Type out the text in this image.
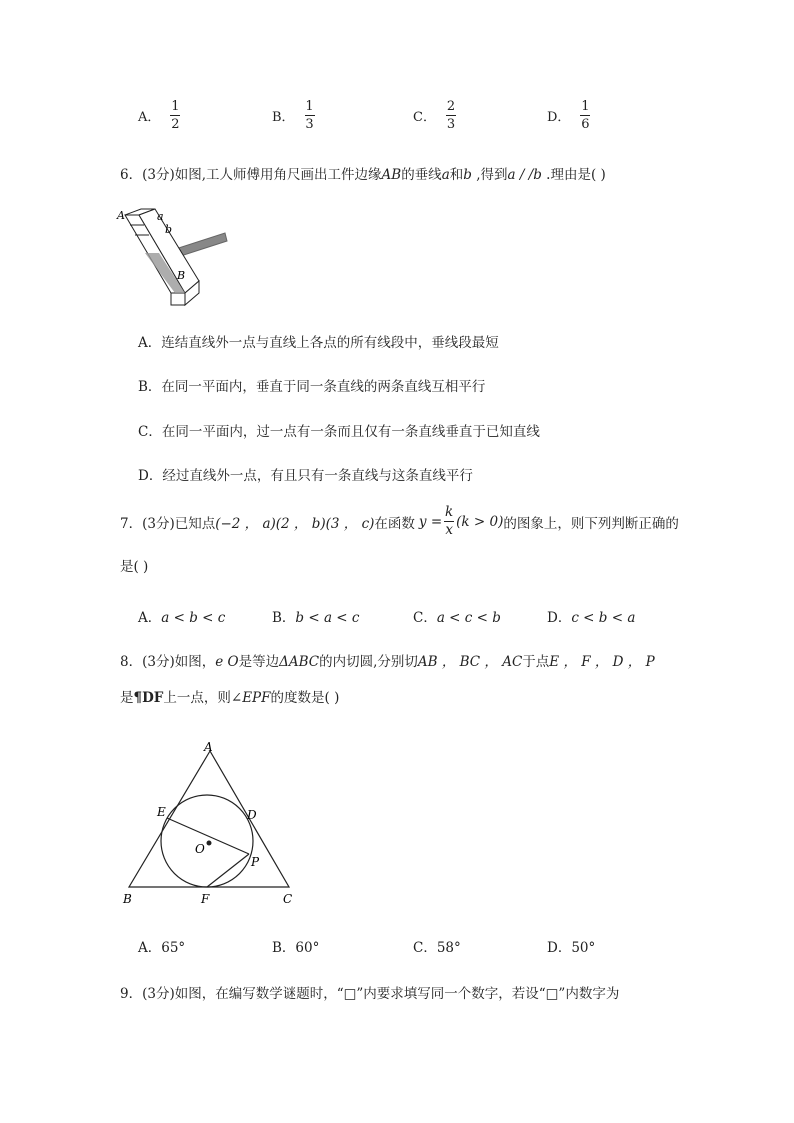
A． $\frac{1}{2}$	B． $\frac{1}{3}$	C． $\frac{2}{3}$	D． $\frac{1}{6}$
6．(3分)如图,工人师傅用角尺画出工件边缘AB的垂线a和b ,得到a / /b .理由是( )
A	a
b
B
A．连结直线外一点与直线上各点的所有线段中，垂线段最短
B．在同一平面内，垂直于同一条直线的两条直线互相平行
C．在同一平面内，过一点有一条而且仅有一条直线垂直于已知直线
D．经过直线外一点，有且只有一条直线与这条直线平行
7．(3分)已知点 (−2 ， a)(2 ， b)(3 ， c) 在函数 $y = \frac{k}{x} (k > 0)$ 的图象上，则下列判断正确的
是( )
A．a < b < c	B．b < a < c	C．a < c < b	D．c < b < a
8．(3分)如图，e O是等边ΔABC的内切圆,分别切AB ， BC ， AC于点E ， F ， D ， P
是¶DF上一点，则∠EPF的度数是( )
A
B	C
D
E
F
O
P
A．65°	B．60°	C．58°	D．50°
9．(3分)如图，在编写数学谜题时，“□”内要求填写同一个数字，若设“□”内数字为
